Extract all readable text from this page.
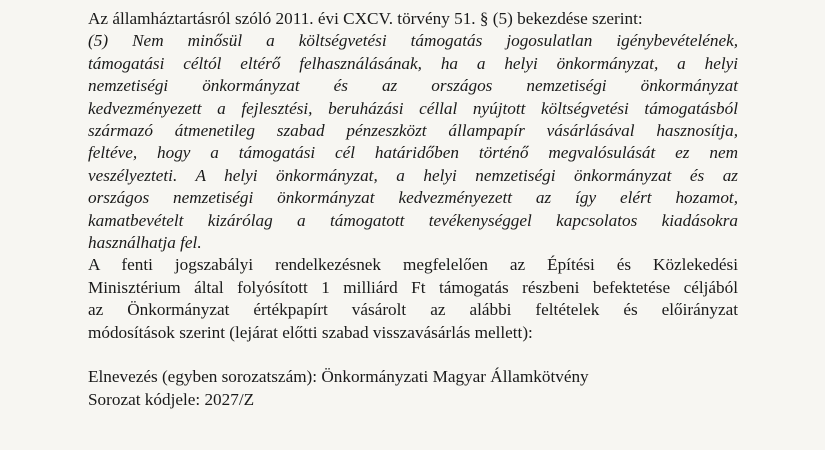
Az államháztartásról szóló 2011. évi CXCV. törvény 51. § (5) bekezdése szerint:

(5) Nem minősül a költségvetési támogatás jogosulatlan igénybevételének,
támogatási céltól eltérő felhasználásának, ha a helyi önkormányzat, a helyi
nemzetiségi önkormányzat és az országos nemzetiségi önkormányzat
kedvezményezett a fejlesztési, beruházási céllal nyújtott költségvetési támogatásból
származó átmenetileg szabad pénzeszközt állampapír vásárlásával hasznosítja,
feltéve, hogy a támogatási cél határidőben történő megvalósulását ez nem
veszélyezteti. A helyi önkormányzat, a helyi nemzetiségi önkormányzat és az
országos nemzetiségi önkormányzat kedvezményezett az így elért hozamot,
kamatbevételt kizárólag a támogatott tevékenységgel kapcsolatos kiadásokra
használhatja fel.
A fenti jogszabályi rendelkezésnek megfelelően az Építési és Közlekedési
Minisztérium által folyósított 1 milliárd Ft támogatás részbeni befektetése céljából
az Önkormányzat értékpapírt vásárolt az alábbi feltételek és előirányzat
módosítások szerint (lejárat előtti szabad visszavásárlás mellett):
Elnevezés (egyben sorozatszám): Önkormányzati Magyar Államkötvény
Sorozat kódjele: 2027/Z
